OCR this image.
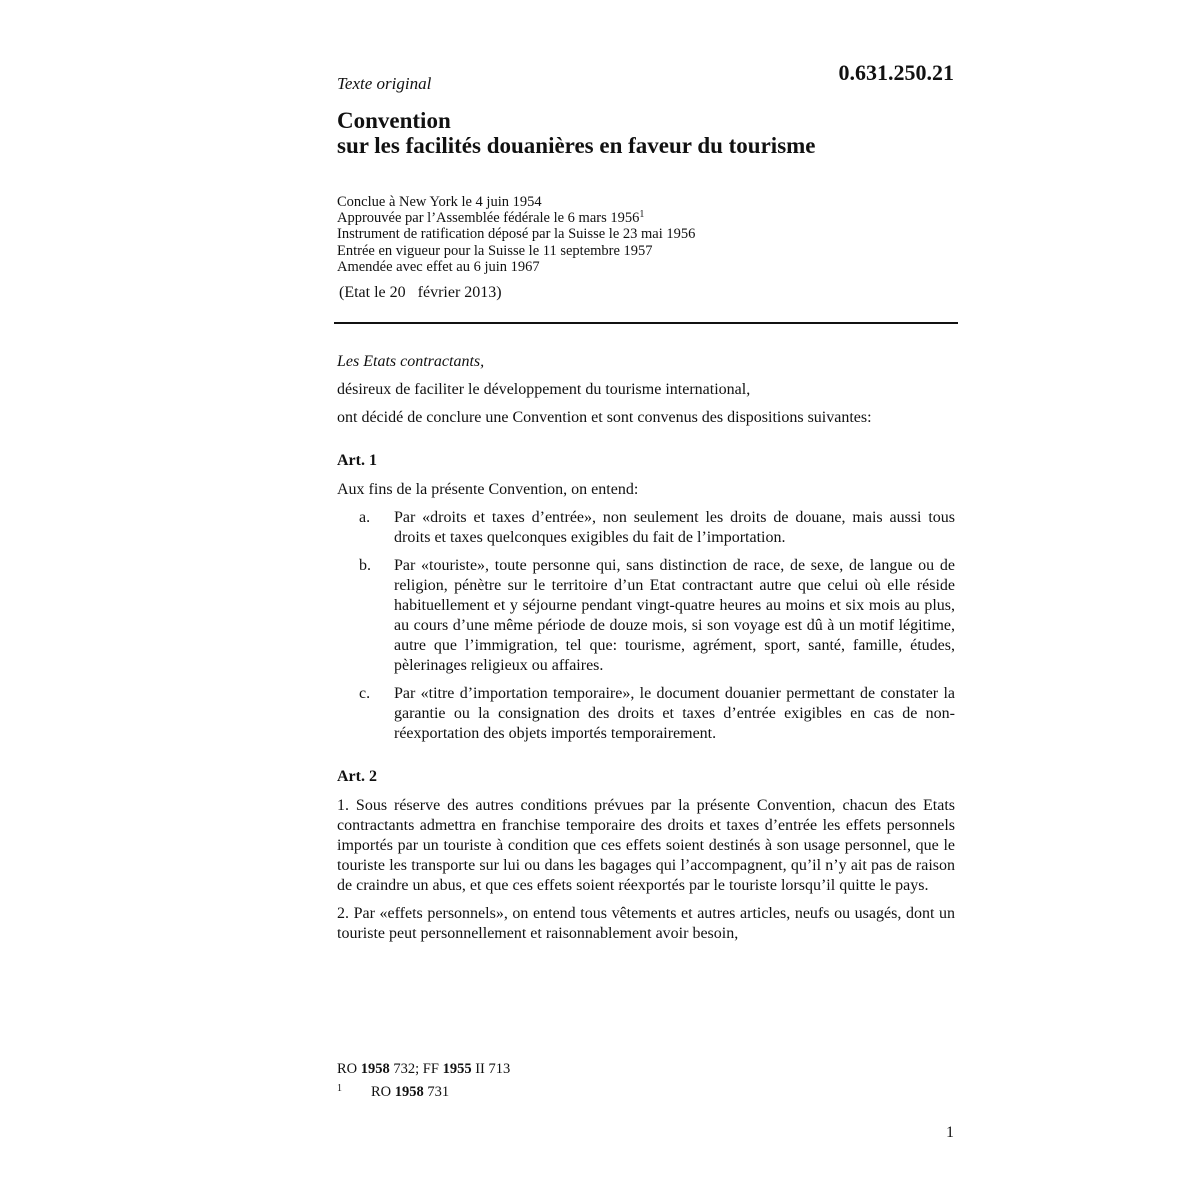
Texte original	0.631.250.21
Convention
sur les facilités douanières en faveur du tourisme
Conclue à New York le 4 juin 1954
Approuvée par l’Assemblée fédérale le 6 mars 1956$^1$
Instrument de ratification déposé par la Suisse le 23 mai 1956
Entrée en vigueur pour la Suisse le 11 septembre 1957
Amendée avec effet au 6 juin 1967
(Etat le 20   février 2013)

Les Etats contractants,

désireux de faciliter le développement du tourisme international,

ont décidé de conclure une Convention et sont convenus des dispositions suivantes:

Art. 1

Aux fins de la présente Convention, on entend:

a. Par «droits et taxes d’entrée», non seulement les droits de douane, mais aussi tous droits et taxes quelconques exigibles du fait de l’importation.
b. Par «touriste», toute personne qui, sans distinction de race, de sexe, de langue ou de religion, pénètre sur le territoire d’un Etat contractant autre que celui où elle réside habituellement et y séjourne pendant vingt-quatre heures au moins et six mois au plus, au cours d’une même période de douze mois, si son voyage est dû à un motif légitime, autre que l’immigration, tel que: tourisme, agrément, sport, santé, famille, études, pèlerinages religieux ou affaires.
c. Par «titre d’importation temporaire», le document douanier permettant de constater la garantie ou la consignation des droits et taxes d’entrée exigibles en cas de non-réexportation des objets importés temporairement.

Art. 2

1. Sous réserve des autres conditions prévues par la présente Convention, chacun des Etats contractants admettra en franchise temporaire des droits et taxes d’entrée les effets personnels importés par un touriste à condition que ces effets soient destinés à son usage personnel, que le touriste les transporte sur lui ou dans les bagages qui l’accompagnent, qu’il n’y ait pas de raison de craindre un abus, et que ces effets soient réexportés par le touriste lorsqu’il quitte le pays.

2. Par «effets personnels», on entend tous vêtements et autres articles, neufs ou usagés, dont un touriste peut personnellement et raisonnablement avoir besoin,

RO 1958 732; FF 1955 II 713
1 RO 1958 731
1
